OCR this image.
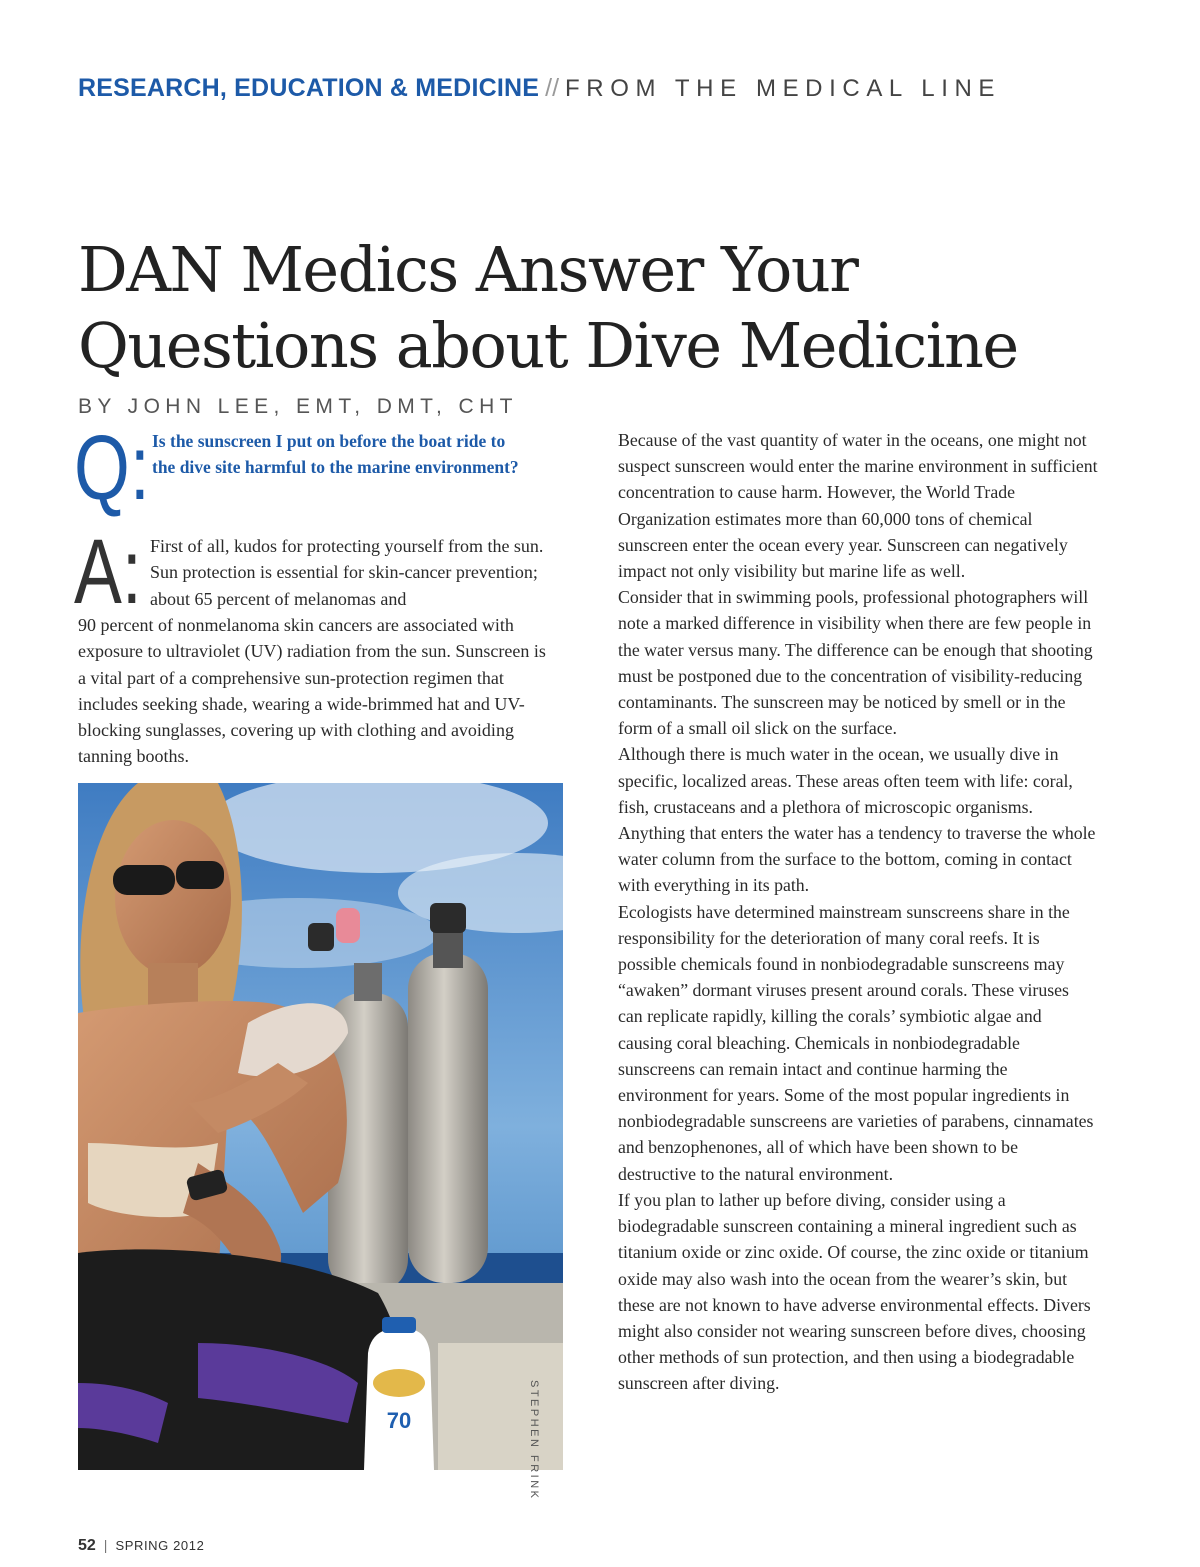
RESEARCH, EDUCATION & MEDICINE // FROM THE MEDICAL LINE
DAN Medics Answer Your Questions about Dive Medicine
BY JOHN LEE, EMT, DMT, CHT
Q: Is the sunscreen I put on before the boat ride to the dive site harmful to the marine environment?
A: First of all, kudos for protecting yourself from the sun. Sun protection is essential for skin-cancer prevention; about 65 percent of melanomas and
90 percent of nonmelanoma skin cancers are associated with exposure to ultraviolet (UV) radiation from the sun. Sunscreen is a vital part of a comprehensive sun-protection regimen that includes seeking shade, wearing a wide-brimmed hat and UV-blocking sunglasses, covering up with clothing and avoiding tanning booths.
70	STEPHEN FRINK
Because of the vast quantity of water in the oceans, one might not suspect sunscreen would enter the marine environment in sufficient concentration to cause harm. However, the World Trade Organization estimates more than 60,000 tons of chemical sunscreen enter the ocean every year. Sunscreen can negatively impact not only visibility but marine life as well.
Consider that in swimming pools, professional photographers will note a marked difference in visibility when there are few people in the water versus many. The difference can be enough that shooting must be postponed due to the concentration of visibility-reducing contaminants. The sunscreen may be noticed by smell or in the form of a small oil slick on the surface.
Although there is much water in the ocean, we usually dive in specific, localized areas. These areas often teem with life: coral, fish, crustaceans and a plethora of microscopic organisms. Anything that enters the water has a tendency to traverse the whole water column from the surface to the bottom, coming in contact with everything in its path.
Ecologists have determined mainstream sunscreens share in the responsibility for the deterioration of many coral reefs. It is possible chemicals found in nonbiodegradable sunscreens may “awaken” dormant viruses present around corals. These viruses can replicate rapidly, killing the corals’ symbiotic algae and causing coral bleaching. Chemicals in nonbiodegradable sunscreens can remain intact and continue harming the environment for years. Some of the most popular ingredients in nonbiodegradable sunscreens are varieties of parabens, cinnamates and benzophenones, all of which have been shown to be destructive to the natural environment.
If you plan to lather up before diving, consider using a biodegradable sunscreen containing a mineral ingredient such as titanium oxide or zinc oxide. Of course, the zinc oxide or titanium oxide may also wash into the ocean from the wearer’s skin, but these are not known to have adverse environmental effects. Divers might also consider not wearing sunscreen before dives, choosing other methods of sun protection, and then using a biodegradable sunscreen after diving.
52 | SPRING 2012
